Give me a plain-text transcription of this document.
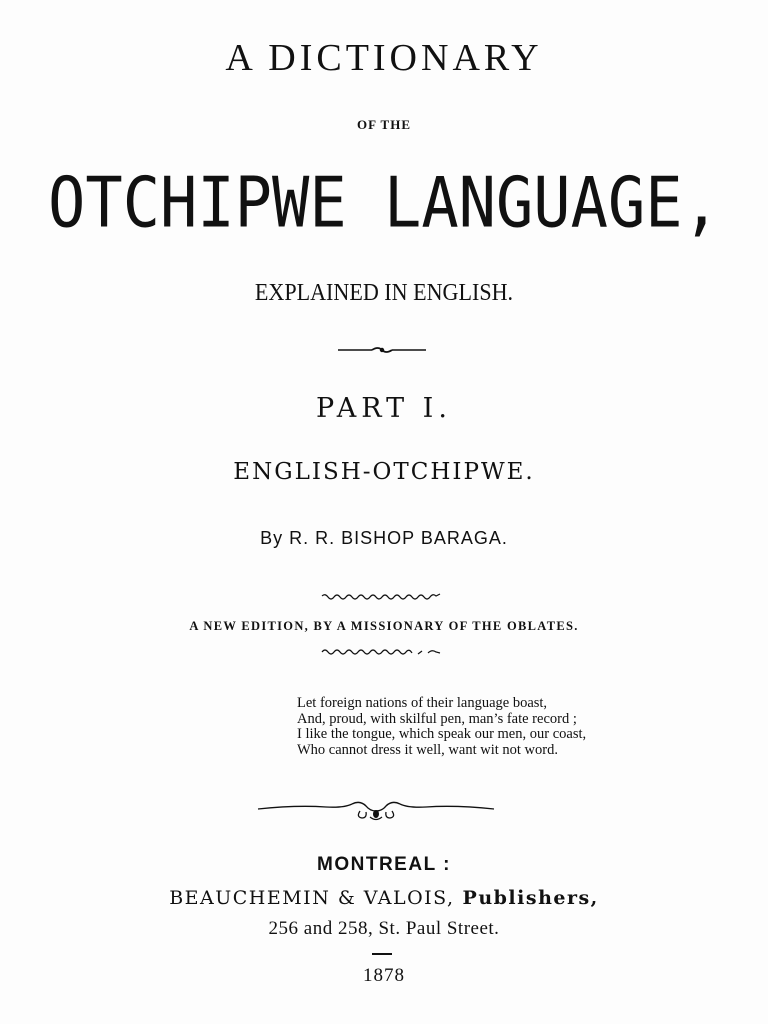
A DICTIONARY
OF THE
OTCHIPWE LANGUAGE,
EXPLAINED IN ENGLISH.
PART I.
ENGLISH-OTCHIPWE.
By R. R. BISHOP BARAGA.
A NEW EDITION, BY A MISSIONARY OF THE OBLATES.
Let foreign nations of their language boast,
And, proud, with skilful pen, man’s fate record ;
I like the tongue, which speak our men, our coast,
Who cannot dress it well, want wit not word.
MONTREAL :
BEAUCHEMIN & VALOIS, Publishers,
256 and 258, St. Paul Street.
1878
